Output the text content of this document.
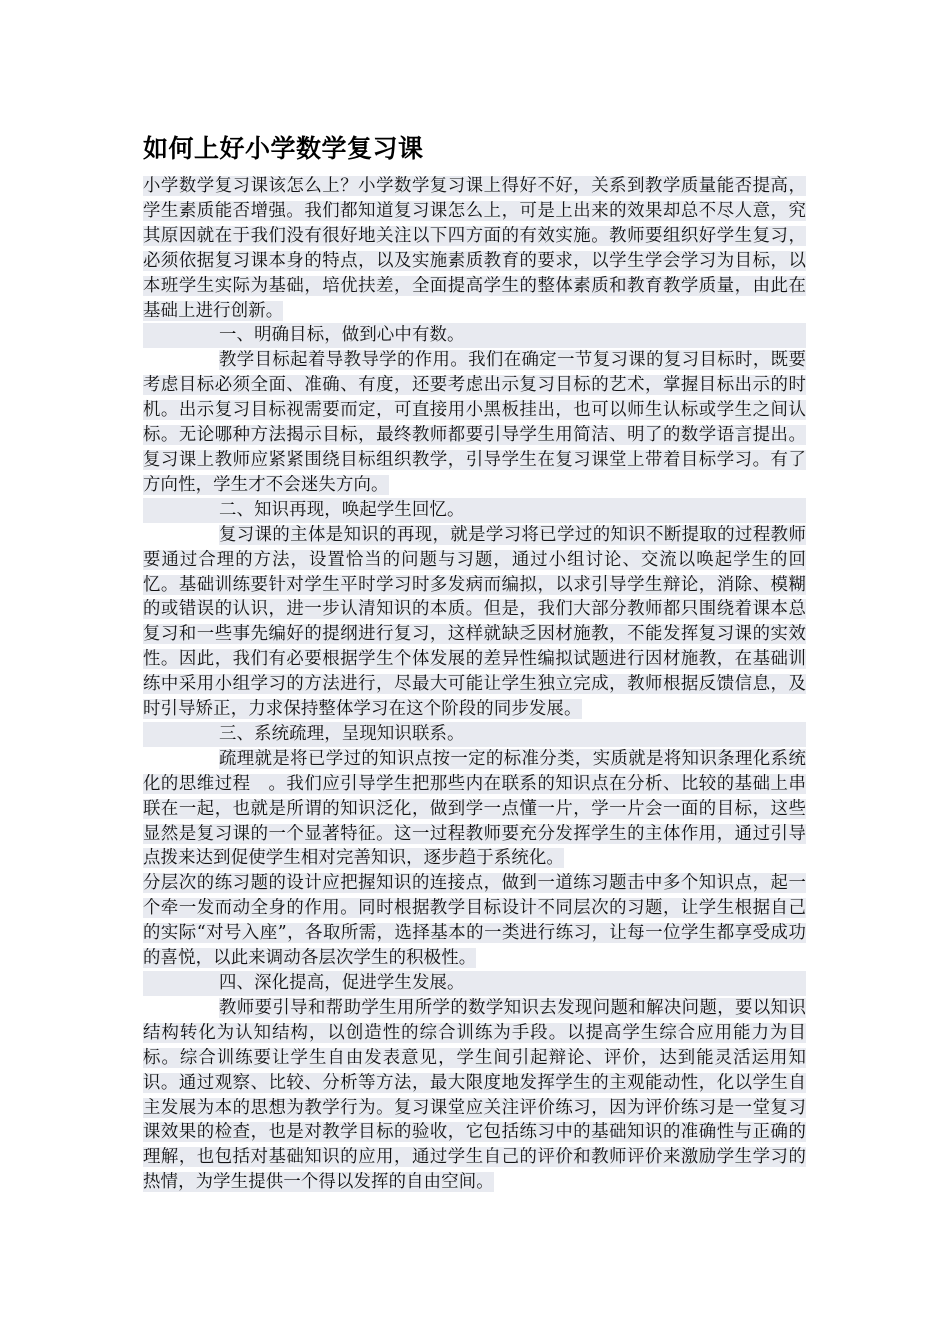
如何上好小学数学复习课

小学数学复习课该怎么上？小学数学复习课上得好不好，关系到教学质量能否提高，学生素质能否增强。我们都知道复习课怎么上，可是上出来的效果却总不尽人意，究其原因就在于我们没有很好地关注以下四方面的有效实施。教师要组织好学生复习，必须依据复习课本身的特点，以及实施素质教育的要求，以学生学会学习为目标，以本班学生实际为基础，培优扶差，全面提高学生的整体素质和教育教学质量，由此在基础上进行创新。

一、明确目标，做到心中有数。

教学目标起着导教导学的作用。我们在确定一节复习课的复习目标时，既要考虑目标必须全面、准确、有度，还要考虑出示复习目标的艺术，掌握目标出示的时机。出示复习目标视需要而定，可直接用小黑板挂出，也可以师生认标或学生之间认标。无论哪种方法揭示目标，最终教师都要引导学生用简洁、明了的数学语言提出。复习课上教师应紧紧围绕目标组织教学，引导学生在复习课堂上带着目标学习。有了方向性，学生才不会迷失方向。

二、知识再现，唤起学生回忆。

复习课的主体是知识的再现，就是学习将已学过的知识不断提取的过程教师要通过合理的方法，设置恰当的问题与习题，通过小组讨论、交流以唤起学生的回忆。基础训练要针对学生平时学习时多发病而编拟，以求引导学生辩论，消除、模糊的或错误的认识，进一步认清知识的本质。但是，我们大部分教师都只围绕着课本总复习和一些事先编好的提纲进行复习，这样就缺乏因材施教，不能发挥复习课的实效性。因此，我们有必要根据学生个体发展的差异性编拟试题进行因材施教，在基础训练中采用小组学习的方法进行，尽最大可能让学生独立完成，教师根据反馈信息，及时引导矫正，力求保持整体学习在这个阶段的同步发展。

三、系统疏理，呈现知识联系。

疏理就是将已学过的知识点按一定的标准分类，实质就是将知识条理化系统化的思维过程　。我们应引导学生把那些内在联系的知识点在分析、比较的基础上串联在一起，也就是所谓的知识泛化，做到学一点懂一片，学一片会一面的目标，这些显然是复习课的一个显著特征。这一过程教师要充分发挥学生的主体作用，通过引导点拨来达到促使学生相对完善知识，逐步趋于系统化。

分层次的练习题的设计应把握知识的连接点，做到一道练习题击中多个知识点，起一个牵一发而动全身的作用。同时根据教学目标设计不同层次的习题，让学生根据自己的实际“对号入座”，各取所需，选择基本的一类进行练习，让每一位学生都享受成功的喜悦，以此来调动各层次学生的积极性。

四、深化提高，促进学生发展。

教师要引导和帮助学生用所学的数学知识去发现问题和解决问题，要以知识结构转化为认知结构，以创造性的综合训练为手段。以提高学生综合应用能力为目标。综合训练要让学生自由发表意见，学生间引起辩论、评价，达到能灵活运用知识。通过观察、比较、分析等方法，最大限度地发挥学生的主观能动性，化以学生自主发展为本的思想为教学行为。复习课堂应关注评价练习，因为评价练习是一堂复习课效果的检查，也是对教学目标的验收，它包括练习中的基础知识的准确性与正确的理解，也包括对基础知识的应用，通过学生自己的评价和教师评价来激励学生学习的热情，为学生提供一个得以发挥的自由空间。
